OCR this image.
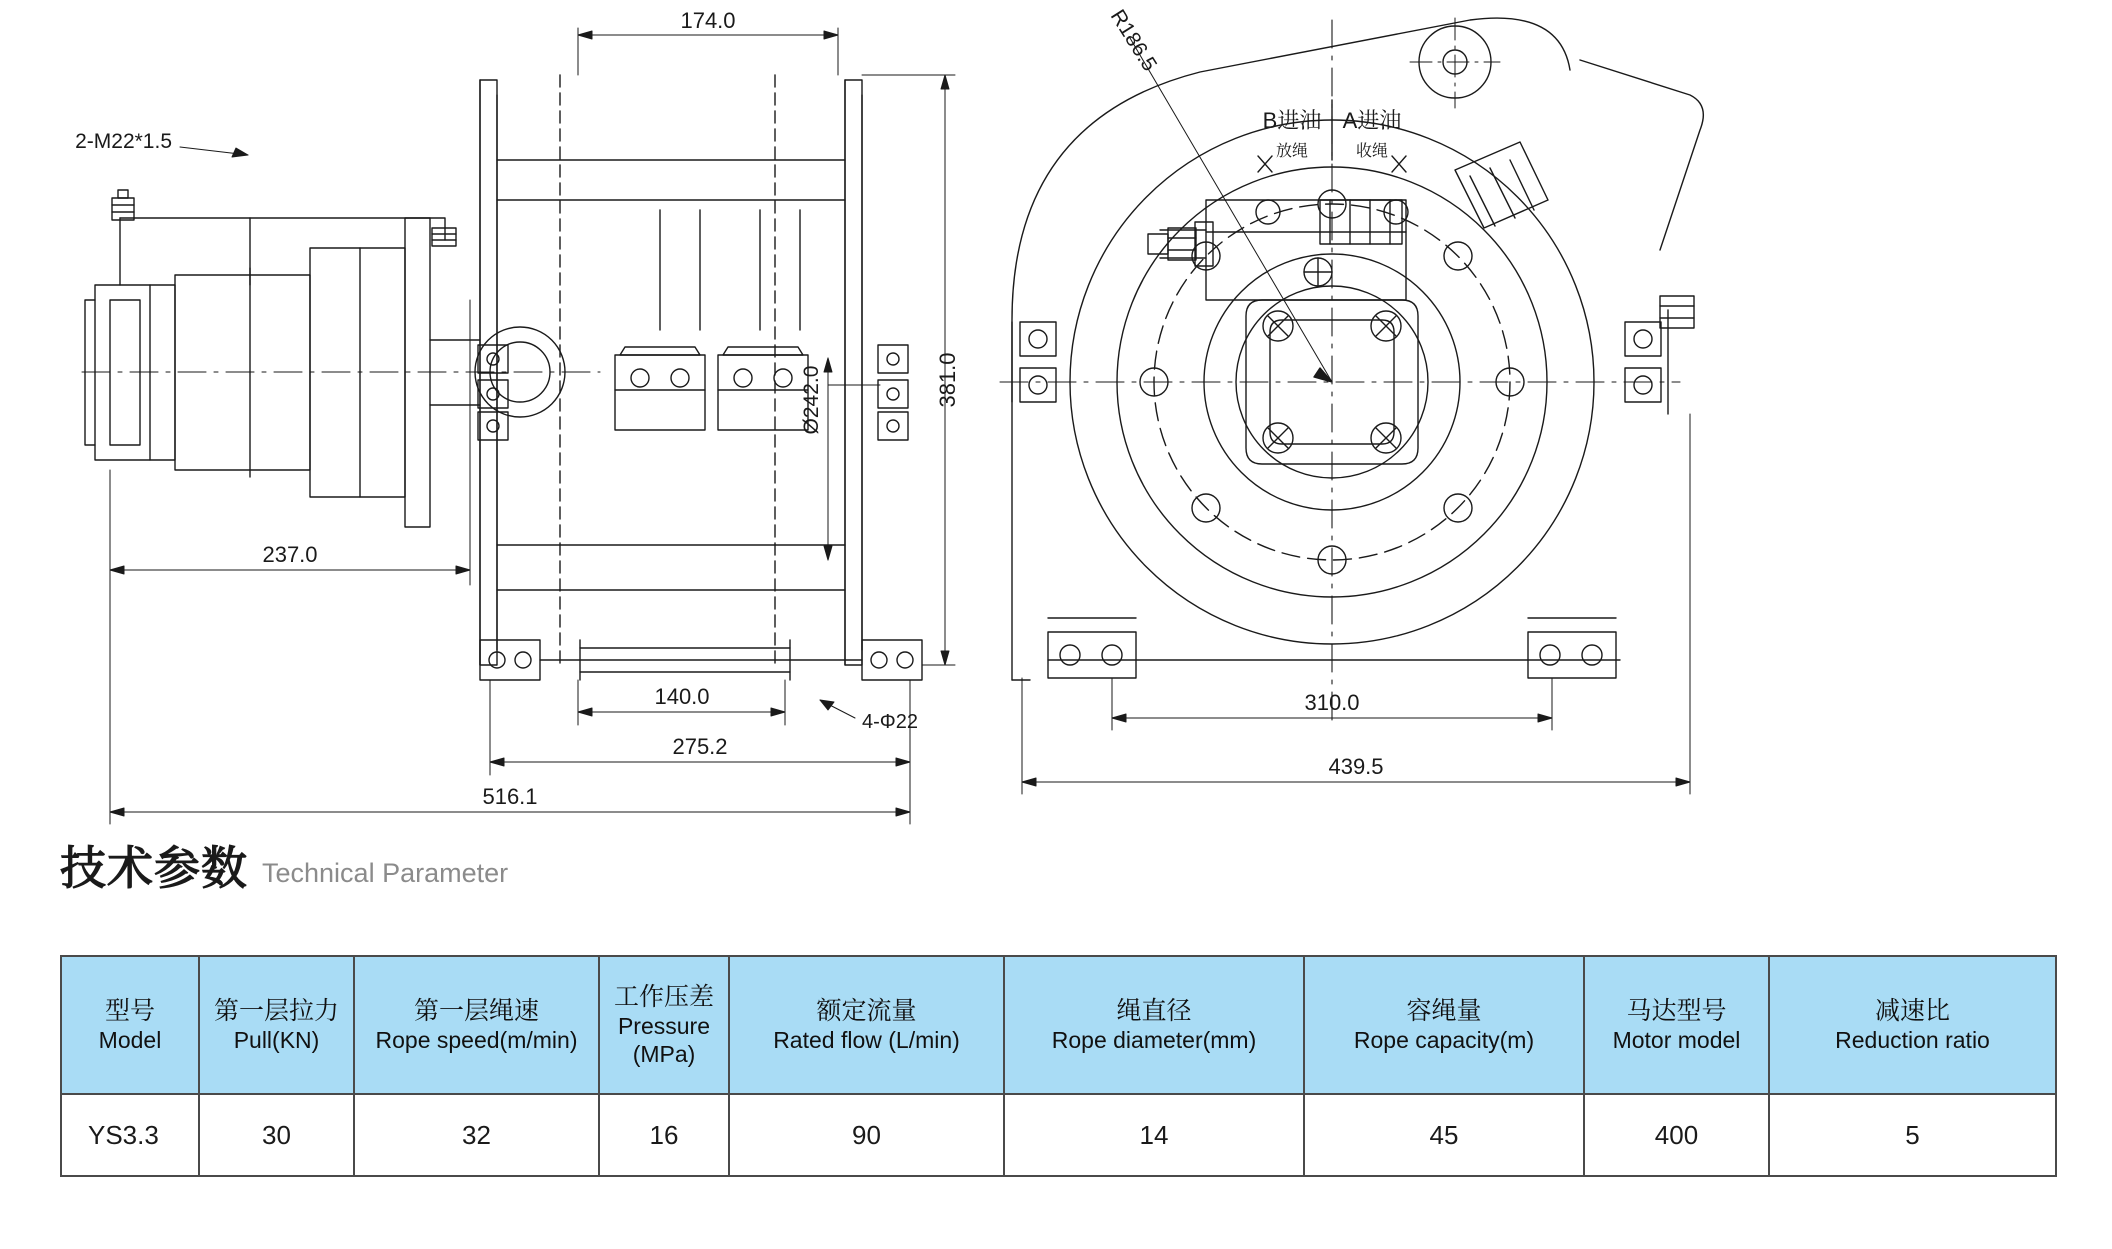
174.0
2-M22*1.5
237.0
381.0
Ø242.0
140.0
4-Φ22
275.2
516.1
R186.5
B进油
放绳
A进油
收绳
310.0
439.5
技术参数 Technical Parameter
型号
Model	第一层拉力
Pull(KN)	第一层绳速
Rope speed(m/min)	工作压差
Pressure
(MPa)	额定流量
Rated flow (L/min)	绳直径
Rope diameter(mm)	容绳量
Rope capacity(m)	马达型号
Motor model	减速比
Reduction ratio

YS3.3	30	32	16	90	14	45	400	5
